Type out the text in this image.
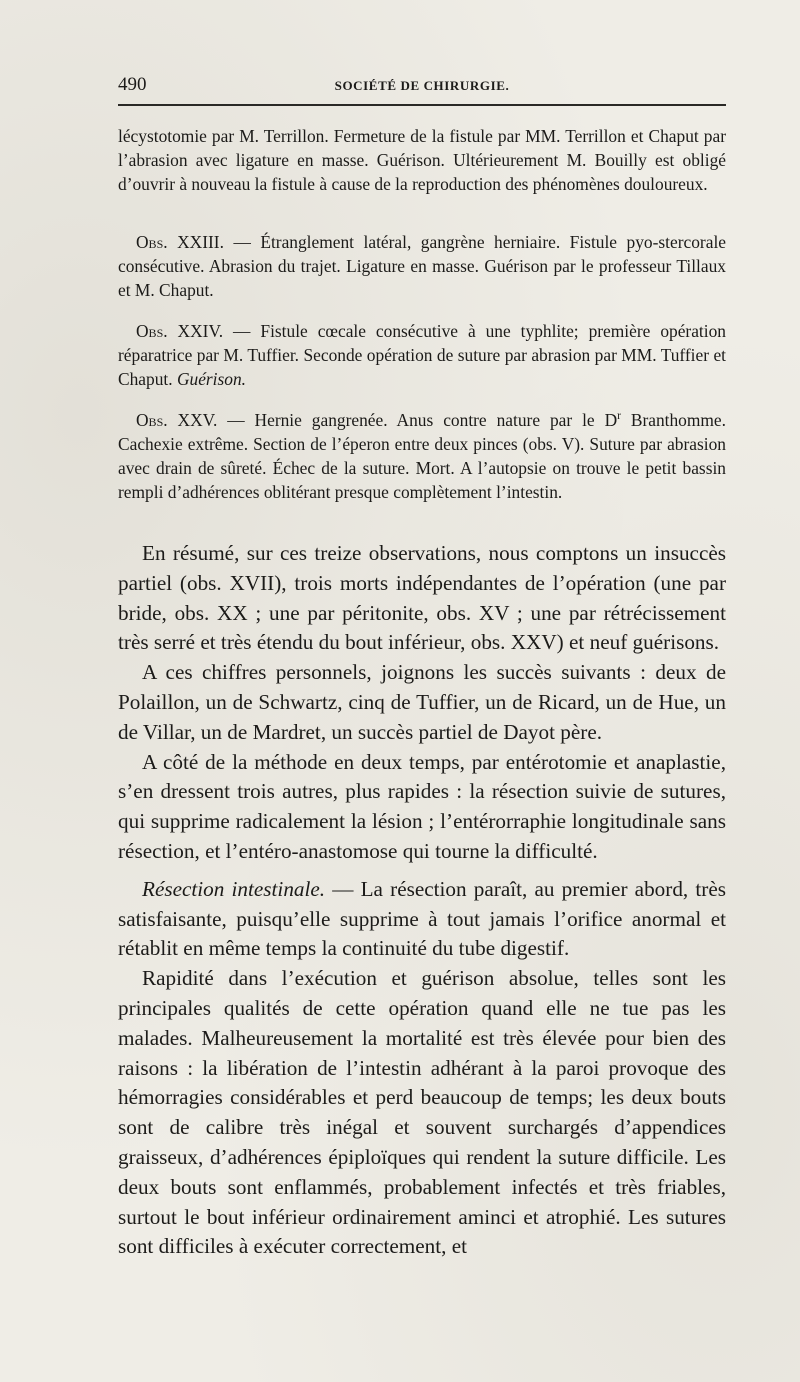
490	SOCIÉTÉ DE CHIRURGIE.

lécystotomie par M. Terrillon. Fermeture de la fistule par MM. Terrillon et Chaput par l’abrasion avec ligature en masse. Guérison. Ultérieurement M. Bouilly est obligé d’ouvrir à nouveau la fistule à cause de la reproduction des phénomènes douloureux.

Obs. XXIII. — Étranglement latéral, gangrène herniaire. Fistule pyo-stercorale consécutive. Abrasion du trajet. Ligature en masse. Guérison par le professeur Tillaux et M. Chaput.

Obs. XXIV. — Fistule cœcale consécutive à une typhlite; première opération réparatrice par M. Tuffier. Seconde opération de suture par abrasion par MM. Tuffier et Chaput. Guérison.

Obs. XXV. — Hernie gangrenée. Anus contre nature par le $D^r$ Branthomme. Cachexie extrême. Section de l’éperon entre deux pinces (obs. V). Suture par abrasion avec drain de sûreté. Échec de la suture. Mort. A l’autopsie on trouve le petit bassin rempli d’adhérences oblitérant presque complètement l’intestin.

En résumé, sur ces treize observations, nous comptons un insuccès partiel (obs. XVII), trois morts indépendantes de l’opération (une par bride, obs. XX ; une par péritonite, obs. XV ; une par rétrécissement très serré et très étendu du bout inférieur, obs. XXV) et neuf guérisons.

A ces chiffres personnels, joignons les succès suivants : deux de Polaillon, un de Schwartz, cinq de Tuffier, un de Ricard, un de Hue, un de Villar, un de Mardret, un succès partiel de Dayot père.

A côté de la méthode en deux temps, par entérotomie et anaplastie, s’en dressent trois autres, plus rapides : la résection suivie de sutures, qui supprime radicalement la lésion ; l’entérorraphie longitudinale sans résection, et l’entéro-anastomose qui tourne la difficulté.

Résection intestinale. — La résection paraît, au premier abord, très satisfaisante, puisqu’elle supprime à tout jamais l’orifice anormal et rétablit en même temps la continuité du tube digestif.

Rapidité dans l’exécution et guérison absolue, telles sont les principales qualités de cette opération quand elle ne tue pas les malades. Malheureusement la mortalité est très élevée pour bien des raisons : la libération de l’intestin adhérant à la paroi provoque des hémorragies considérables et perd beaucoup de temps; les deux bouts sont de calibre très inégal et souvent surchargés d’appendices graisseux, d’adhérences épiploïques qui rendent la suture difficile. Les deux bouts sont enflammés, probablement infectés et très friables, surtout le bout inférieur ordinairement aminci et atrophié. Les sutures sont difficiles à exécuter correctement, et
